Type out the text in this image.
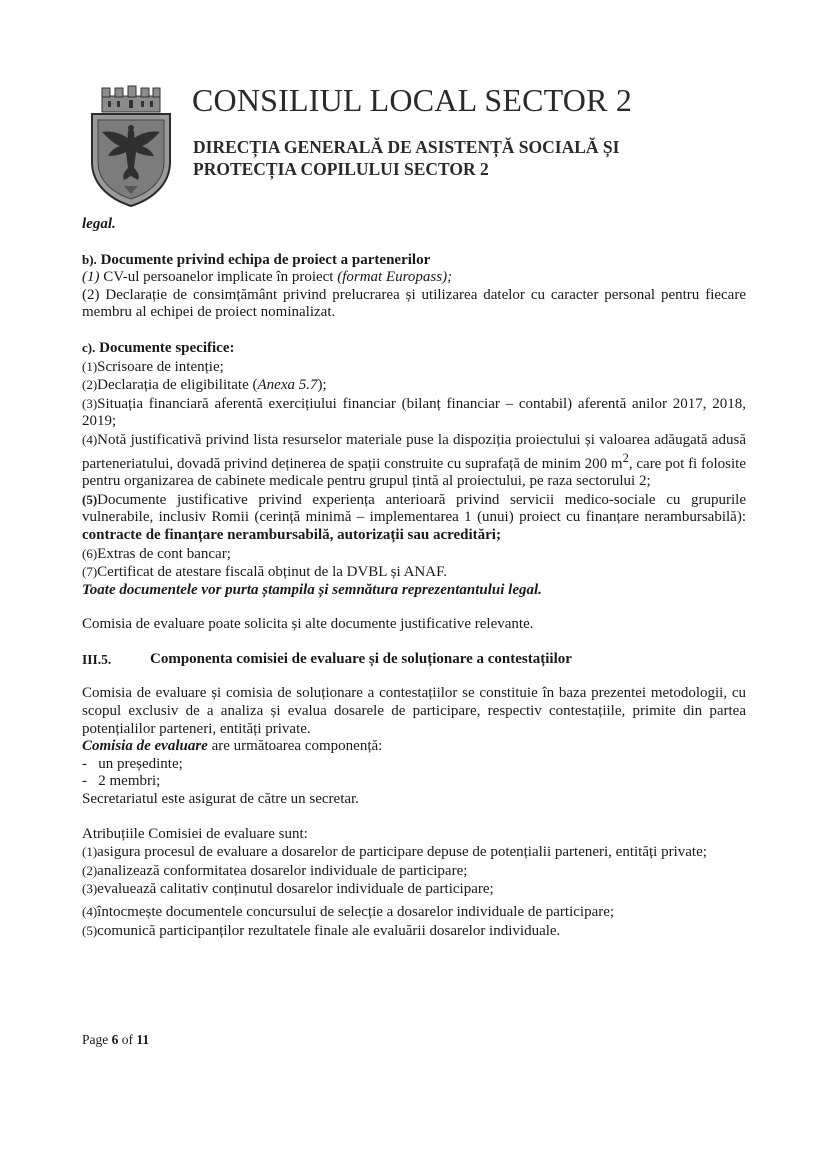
CONSILIUL LOCAL SECTOR 2
DIRECȚIA GENERALĂ DE ASISTENȚĂ SOCIALĂ ȘI
PROTECȚIA COPILULUI SECTOR 2

legal.

b). Documente privind echipa de proiect a partenerilor

(1) CV-ul persoanelor implicate în proiect (format Europass);

(2) Declarație de consimțământ privind prelucrarea și utilizarea datelor cu caracter personal pentru fiecare membru al echipei de proiect nominalizat.

c). Documente specifice:

(1)Scrisoare de intenție;

(2)Declarația de eligibilitate (Anexa 5.7);

(3)Situația financiară aferentă exercițiului financiar (bilanț financiar – contabil) aferentă anilor 2017, 2018, 2019;

(4)Notă justificativă privind lista resurselor materiale puse la dispoziția proiectului și valoarea adăugată adusă parteneriatului, dovadă privind deținerea de spații construite cu suprafață de minim 200 $m^2$, care pot fi folosite pentru organizarea de cabinete medicale pentru grupul țintă al proiectului, pe raza sectorului 2;

(5)Documente justificative privind experiența anterioară privind servicii medico-sociale cu grupurile vulnerabile, inclusiv Romii (cerință minimă – implementarea 1 (unui) proiect cu finanțare nerambursabilă): contracte de finanțare nerambursabilă, autorizații sau acreditări;

(6)Extras de cont bancar;

(7)Certificat de atestare fiscală obținut de la DVBL și ANAF.

Toate documentele vor purta ștampila și semnătura reprezentantului legal.

Comisia de evaluare poate solicita și alte documente justificative relevante.

III.5.	Componenta comisiei de evaluare și de soluționare a contestațiilor

Comisia de evaluare și comisia de soluționare a contestațiilor se constituie în baza prezentei metodologii, cu scopul exclusiv de a analiza și evalua dosarele de participare, respectiv contestațiile, primite din partea potențialilor parteneri, entități private.

Comisia de evaluare are următoarea componență:

-   un președinte;

-   2 membri;

Secretariatul este asigurat de către un secretar.

Atribuțiile Comisiei de evaluare sunt:

(1)asigura procesul de evaluare a dosarelor de participare depuse de potențialii parteneri, entități private;

(2)analizează conformitatea dosarelor individuale de participare;

(3)evaluează calitativ conținutul dosarelor individuale de participare;

(4)întocmește documentele concursului de selecție a dosarelor individuale de participare;

(5)comunică participanților rezultatele finale ale evaluării dosarelor individuale.

Page 6 of 11
